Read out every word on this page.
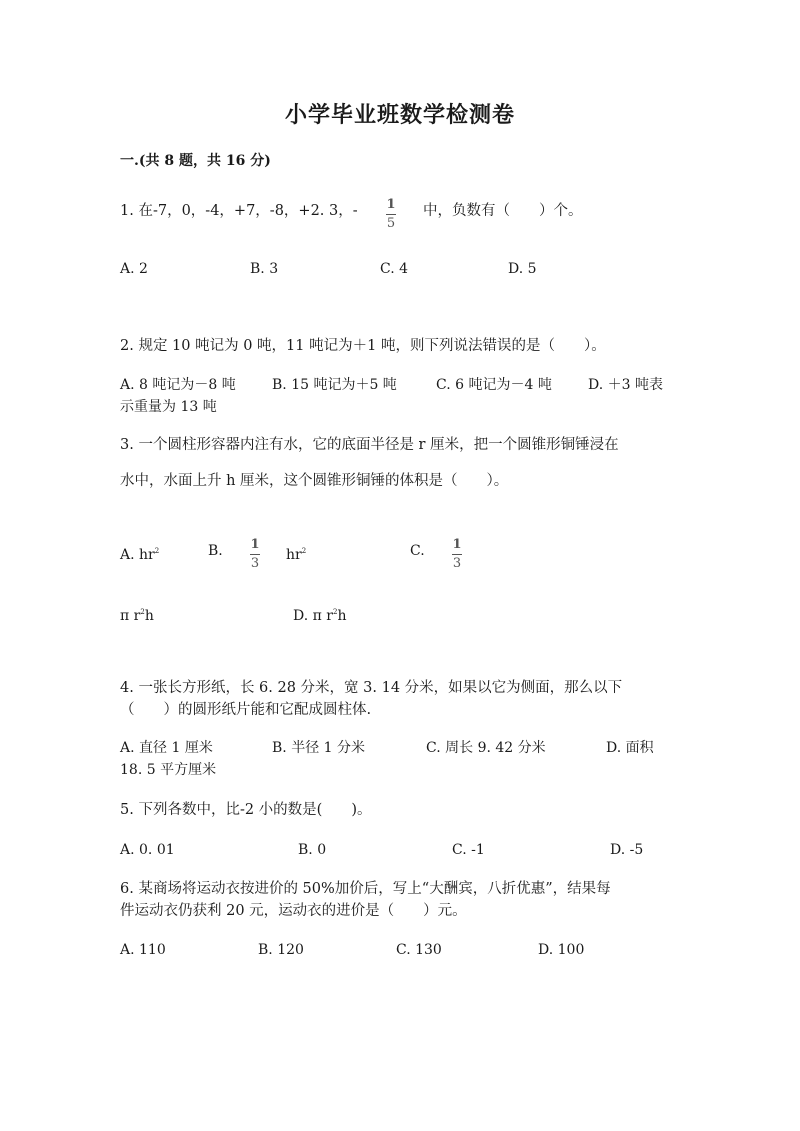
小学毕业班数学检测卷
一.(共 8 题，共 16 分)
1. 在-7，0，-4，+7，-8，+2. 3，- 1
5
中，负数有（　　）个。
A. 2	B. 3	C. 4	D. 5
2. 规定 10 吨记为 0 吨，11 吨记为＋1 吨，则下列说法错误的是（　　）。
A. 8 吨记为－8 吨	B. 15 吨记为＋5 吨	C. 6 吨记为－4 吨	D. ＋3 吨表
示重量为 13 吨
3. 一个圆柱形容器内注有水，它的底面半径是 r 厘米，把一个圆锥形铜锤浸在
水中，水面上升 h 厘米，这个圆锥形铜锤的体积是（　　）。
A. $hr^2$	B. 1
3
$hr^2$	C. 1
3
π $r^2h$	D. π $r^2h$
4. 一张长方形纸，长 6. 28 分米，宽 3. 14 分米，如果以它为侧面，那么以下
（　　）的圆形纸片能和它配成圆柱体.
A. 直径 1 厘米	B. 半径 1 分米	C. 周长 9. 42 分米	D. 面积
18. 5 平方厘米
5. 下列各数中，比-2 小的数是(　　)。
A. 0. 01	B. 0	C. -1	D. -5
6. 某商场将运动衣按进价的 50%加价后，写上“大酬宾，八折优惠”，结果每
件运动衣仍获利 20 元，运动衣的进价是（　　）元。
A. 110	B. 120	C. 130	D. 100
